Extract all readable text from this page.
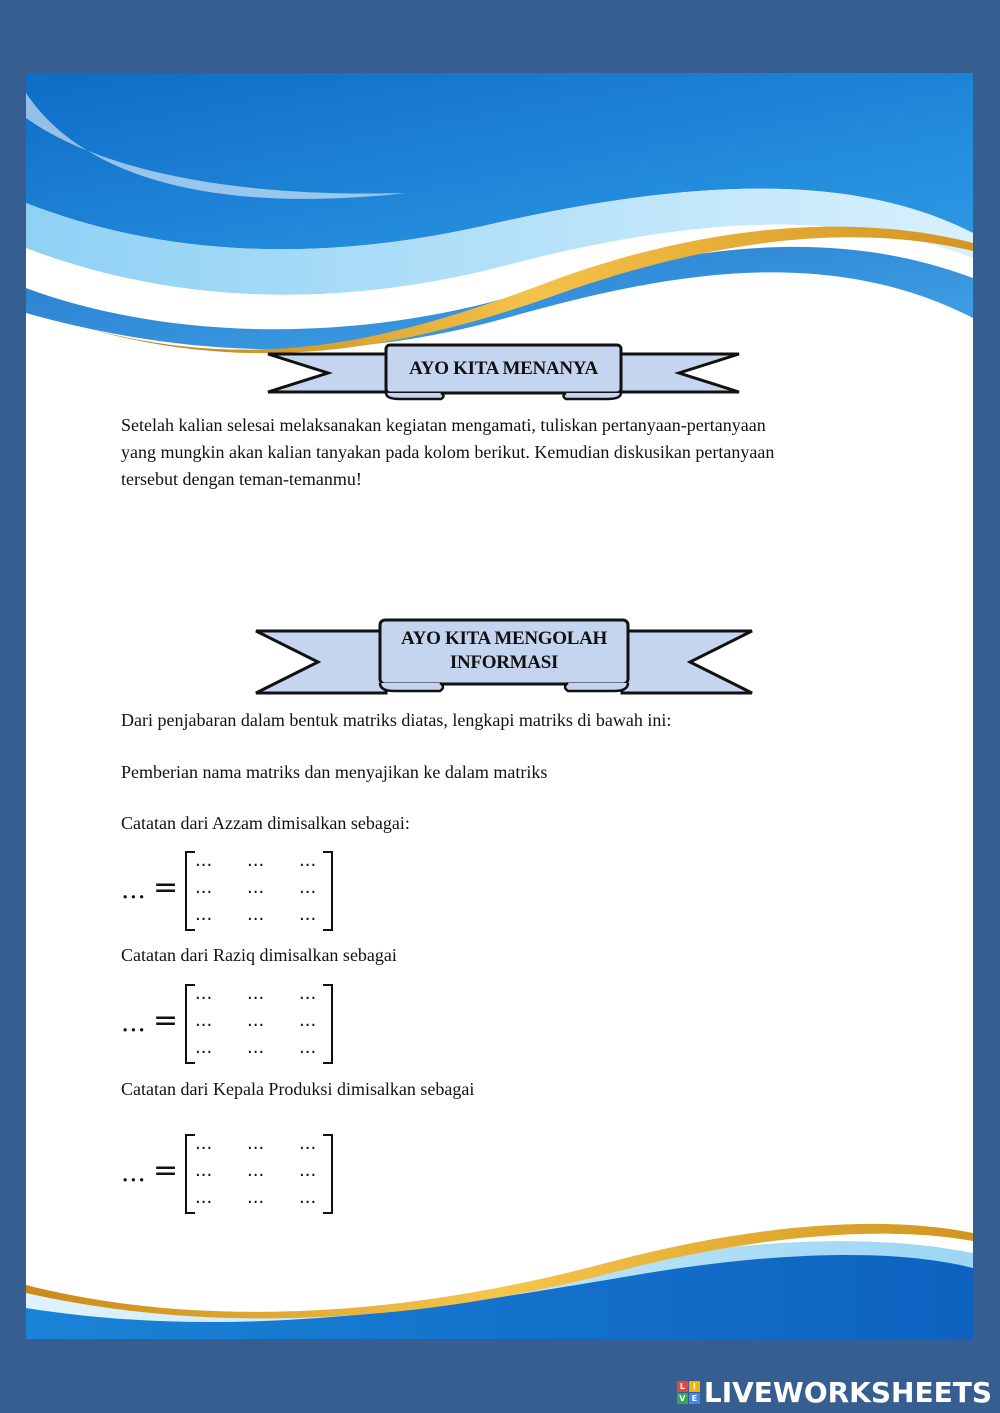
AYO KITA MENANYA
Setelah kalian selesai melaksanakan kegiatan mengamati, tuliskan pertanyaan-pertanyaan
yang mungkin akan kalian tanyakan pada kolom berikut. Kemudian diskusikan pertanyaan
tersebut dengan teman-temanmu!
AYO KITA MENGOLAH
INFORMASI
Dari penjabaran dalam bentuk matriks diatas, lengkapi matriks di bawah ini:
Pemberian nama matriks dan menyajikan ke dalam matriks
Catatan dari Azzam dimisalkan sebagai:
... =
...	...	...
...	...	...
...	...	...
Catatan dari Raziq dimisalkan sebagai
... =
...	...	...
...	...	...
...	...	...
Catatan dari Kepala Produksi dimisalkan sebagai
... =
...	...	...
...	...	...
...	...	...
L I
V E LIVEWORKSHEETS
